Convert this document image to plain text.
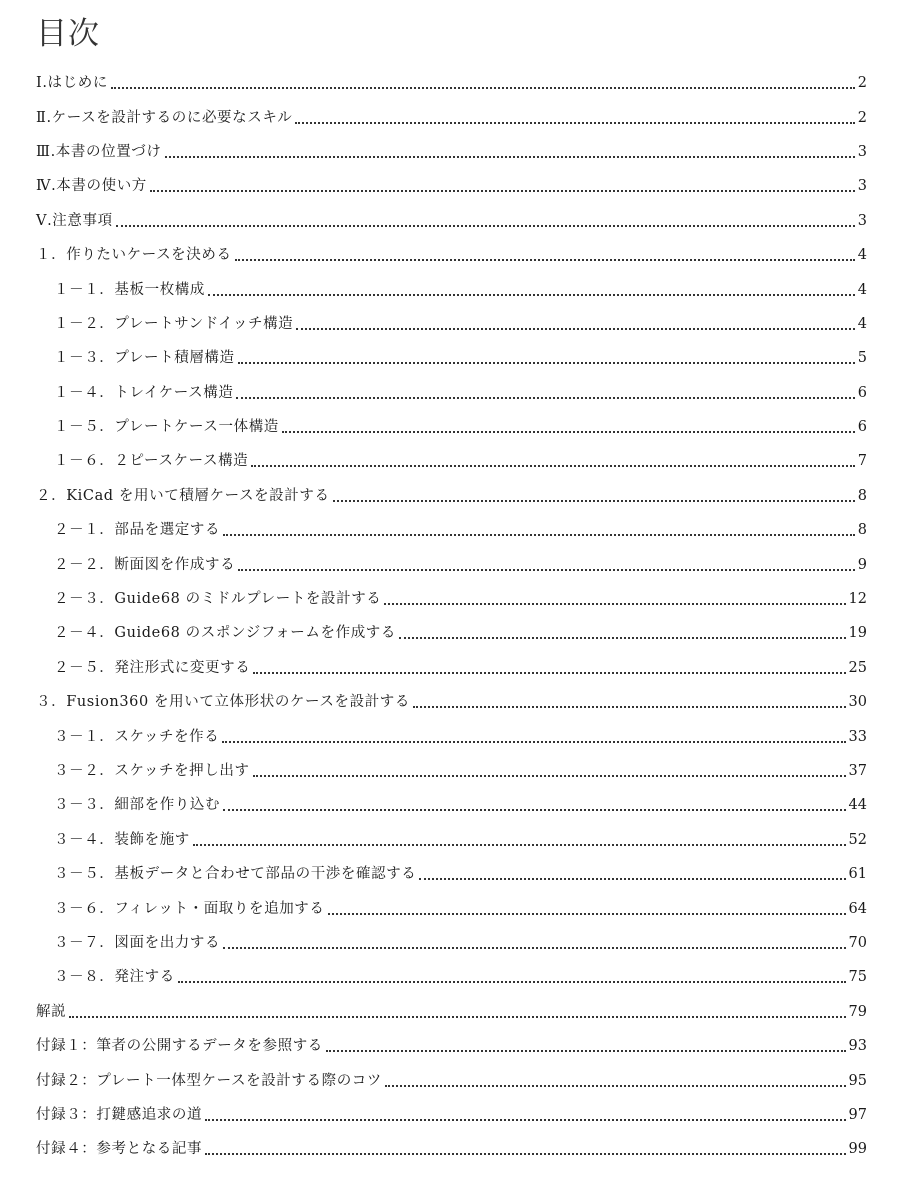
目次
Ⅰ.はじめに	2
Ⅱ.ケースを設計するのに必要なスキル	2
Ⅲ.本書の位置づけ	3
Ⅳ.本書の使い方	3
Ⅴ.注意事項	3
１．作りたいケースを決める	4
１－１．基板一枚構成	4
１－２．プレートサンドイッチ構造	4
１－３．プレート積層構造	5
１－４．トレイケース構造	6
１－５．プレートケース一体構造	6
１－６．２ピースケース構造	7
２．KiCad を用いて積層ケースを設計する	8
２－１．部品を選定する	8
２－２．断面図を作成する	9
２－３．Guide68 のミドルプレートを設計する	12
２－４．Guide68 のスポンジフォームを作成する	19
２－５．発注形式に変更する	25
３．Fusion360 を用いて立体形状のケースを設計する	30
３－１．スケッチを作る	33
３－２．スケッチを押し出す	37
３－３．細部を作り込む	44
３－４．装飾を施す	52
３－５．基板データと合わせて部品の干渉を確認する	61
３－６．フィレット・面取りを追加する	64
３－７．図面を出力する	70
３－８．発注する	75
解説	79
付録１：筆者の公開するデータを参照する	93
付録２：プレート一体型ケースを設計する際のコツ	95
付録３：打鍵感追求の道	97
付録４：参考となる記事	99
